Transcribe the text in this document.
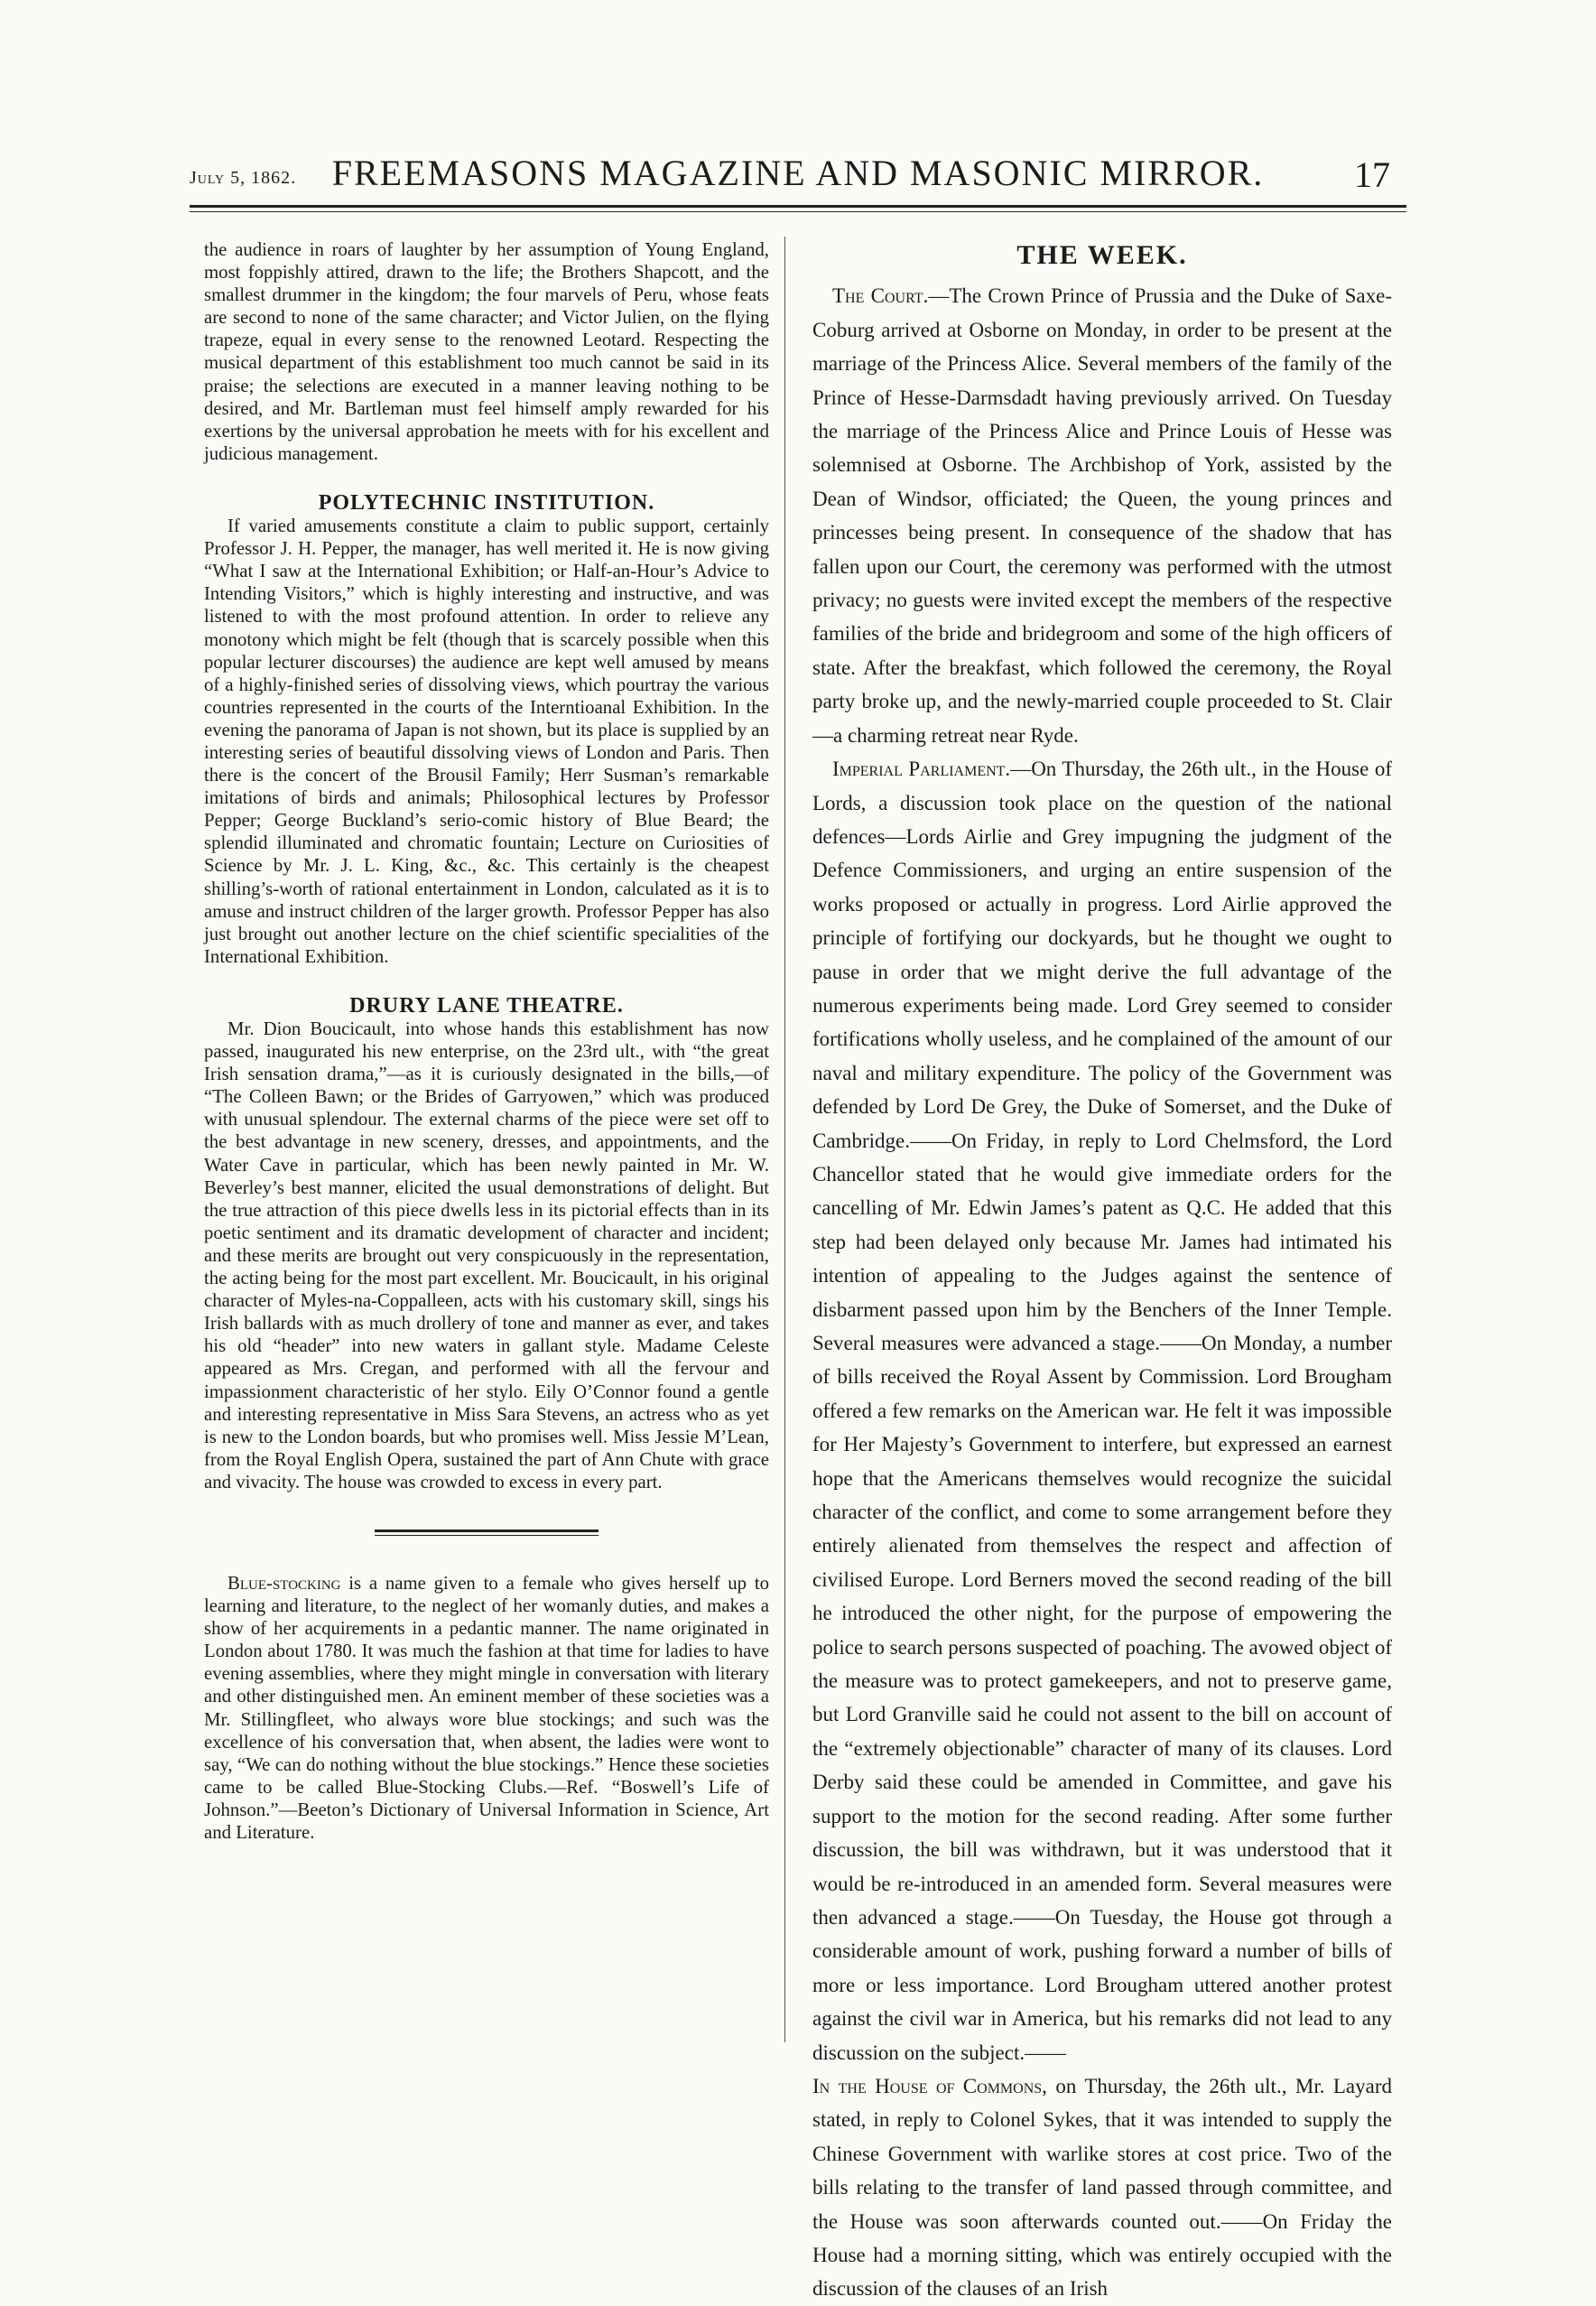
July 5, 1862. FREEMASONS MAGAZINE AND MASONIC MIRROR.	17

the audience in roars of laughter by her assumption of Young England, most foppishly attired, drawn to the life; the Brothers Shapcott, and the smallest drummer in the kingdom; the four marvels of Peru, whose feats are second to none of the same character; and Victor Julien, on the flying trapeze, equal in every sense to the renowned Leotard. Respecting the musical department of this establishment too much cannot be said in its praise; the selections are executed in a manner leaving nothing to be desired, and Mr. Bartleman must feel himself amply rewarded for his exertions by the universal approbation he meets with for his excellent and judicious management.

POLYTECHNIC INSTITUTION.

If varied amusements constitute a claim to public support, certainly Professor J. H. Pepper, the manager, has well merited it. He is now giving “What I saw at the International Exhibition; or Half-an-Hour’s Advice to Intending Visitors,” which is highly interesting and instructive, and was listened to with the most profound attention. In order to relieve any monotony which might be felt (though that is scarcely possible when this popular lecturer discourses) the audience are kept well amused by means of a highly-finished series of dissolving views, which pourtray the various countries represented in the courts of the Interntioanal Exhibition. In the evening the panorama of Japan is not shown, but its place is supplied by an interesting series of beautiful dissolving views of London and Paris. Then there is the concert of the Brousil Family; Herr Susman’s remarkable imitations of birds and animals; Philosophical lectures by Professor Pepper; George Buckland’s serio-comic history of Blue Beard; the splendid illuminated and chromatic fountain; Lecture on Curiosities of Science by Mr. J. L. King, &c., &c. This certainly is the cheapest shilling’s-worth of rational entertainment in London, calculated as it is to amuse and instruct children of the larger growth. Professor Pepper has also just brought out another lecture on the chief scientific specialities of the International Exhibition.

DRURY LANE THEATRE.

Mr. Dion Boucicault, into whose hands this establishment has now passed, inaugurated his new enterprise, on the 23rd ult., with “the great Irish sensation drama,”—as it is curiously designated in the bills,—of “The Colleen Bawn; or the Brides of Garryowen,” which was produced with unusual splendour. The external charms of the piece were set off to the best advantage in new scenery, dresses, and appointments, and the Water Cave in particular, which has been newly painted in Mr. W. Beverley’s best manner, elicited the usual demonstrations of delight. But the true attraction of this piece dwells less in its pictorial effects than in its poetic sentiment and its dramatic development of character and incident; and these merits are brought out very conspicuously in the representation, the acting being for the most part excellent. Mr. Boucicault, in his original character of Myles-na-Coppalleen, acts with his customary skill, sings his Irish ballards with as much drollery of tone and manner as ever, and takes his old “header” into new waters in gallant style. Madame Celeste appeared as Mrs. Cregan, and performed with all the fervour and impassionment characteristic of her stylo. Eily O’Connor found a gentle and interesting representative in Miss Sara Stevens, an actress who as yet is new to the London boards, but who promises well. Miss Jessie M’Lean, from the Royal English Opera, sustained the part of Ann Chute with grace and vivacity. The house was crowded to excess in every part.

Blue-stocking is a name given to a female who gives herself up to learning and literature, to the neglect of her womanly duties, and makes a show of her acquirements in a pedantic manner. The name originated in London about 1780. It was much the fashion at that time for ladies to have evening assemblies, where they might mingle in conversation with literary and other distinguished men. An eminent member of these societies was a Mr. Stillingfleet, who always wore blue stockings; and such was the excellence of his conversation that, when absent, the ladies were wont to say, “We can do nothing without the blue stockings.” Hence these societies came to be called Blue-Stocking Clubs.—Ref. “Boswell’s Life of Johnson.”—Beeton’s Dictionary of Universal Information in Science, Art and Literature.

THE WEEK.

The Court.—The Crown Prince of Prussia and the Duke of Saxe-Coburg arrived at Osborne on Monday, in order to be present at the marriage of the Princess Alice. Several members of the family of the Prince of Hesse-Darmsdadt having previously arrived. On Tuesday the marriage of the Princess Alice and Prince Louis of Hesse was solemnised at Osborne. The Archbishop of York, assisted by the Dean of Windsor, officiated; the Queen, the young princes and princesses being present. In consequence of the shadow that has fallen upon our Court, the ceremony was performed with the utmost privacy; no guests were invited except the members of the respective families of the bride and bridegroom and some of the high officers of state. After the breakfast, which followed the ceremony, the Royal party broke up, and the newly-married couple proceeded to St. Clair—a charming retreat near Ryde.

Imperial Parliament.—On Thursday, the 26th ult., in the House of Lords, a discussion took place on the question of the national defences—Lords Airlie and Grey impugning the judgment of the Defence Commissioners, and urging an entire suspension of the works proposed or actually in progress. Lord Airlie approved the principle of fortifying our dockyards, but he thought we ought to pause in order that we might derive the full advantage of the numerous experiments being made. Lord Grey seemed to consider fortifications wholly useless, and he complained of the amount of our naval and military expenditure. The policy of the Government was defended by Lord De Grey, the Duke of Somerset, and the Duke of Cambridge.——On Friday, in reply to Lord Chelmsford, the Lord Chancellor stated that he would give immediate orders for the cancelling of Mr. Edwin James’s patent as Q.C. He added that this step had been delayed only because Mr. James had intimated his intention of appealing to the Judges against the sentence of disbarment passed upon him by the Benchers of the Inner Temple. Several measures were advanced a stage.——On Monday, a number of bills received the Royal Assent by Commission. Lord Brougham offered a few remarks on the American war. He felt it was impossible for Her Majesty’s Government to interfere, but expressed an earnest hope that the Americans themselves would recognize the suicidal character of the conflict, and come to some arrangement before they entirely alienated from themselves the respect and affection of civilised Europe. Lord Berners moved the second reading of the bill he introduced the other night, for the purpose of empowering the police to search persons suspected of poaching. The avowed object of the measure was to protect gamekeepers, and not to preserve game, but Lord Granville said he could not assent to the bill on account of the “extremely objectionable” character of many of its clauses. Lord Derby said these could be amended in Committee, and gave his support to the motion for the second reading. After some further discussion, the bill was withdrawn, but it was understood that it would be re-introduced in an amended form. Several measures were then advanced a stage.——On Tuesday, the House got through a considerable amount of work, pushing forward a number of bills of more or less importance. Lord Brougham uttered another protest against the civil war in America, but his remarks did not lead to any discussion on the subject.——

In the House of Commons, on Thursday, the 26th ult., Mr. Layard stated, in reply to Colonel Sykes, that it was intended to supply the Chinese Government with warlike stores at cost price. Two of the bills relating to the transfer of land passed through committee, and the House was soon afterwards counted out.——On Friday the House had a morning sitting, which was entirely occupied with the discussion of the clauses of an Irish
